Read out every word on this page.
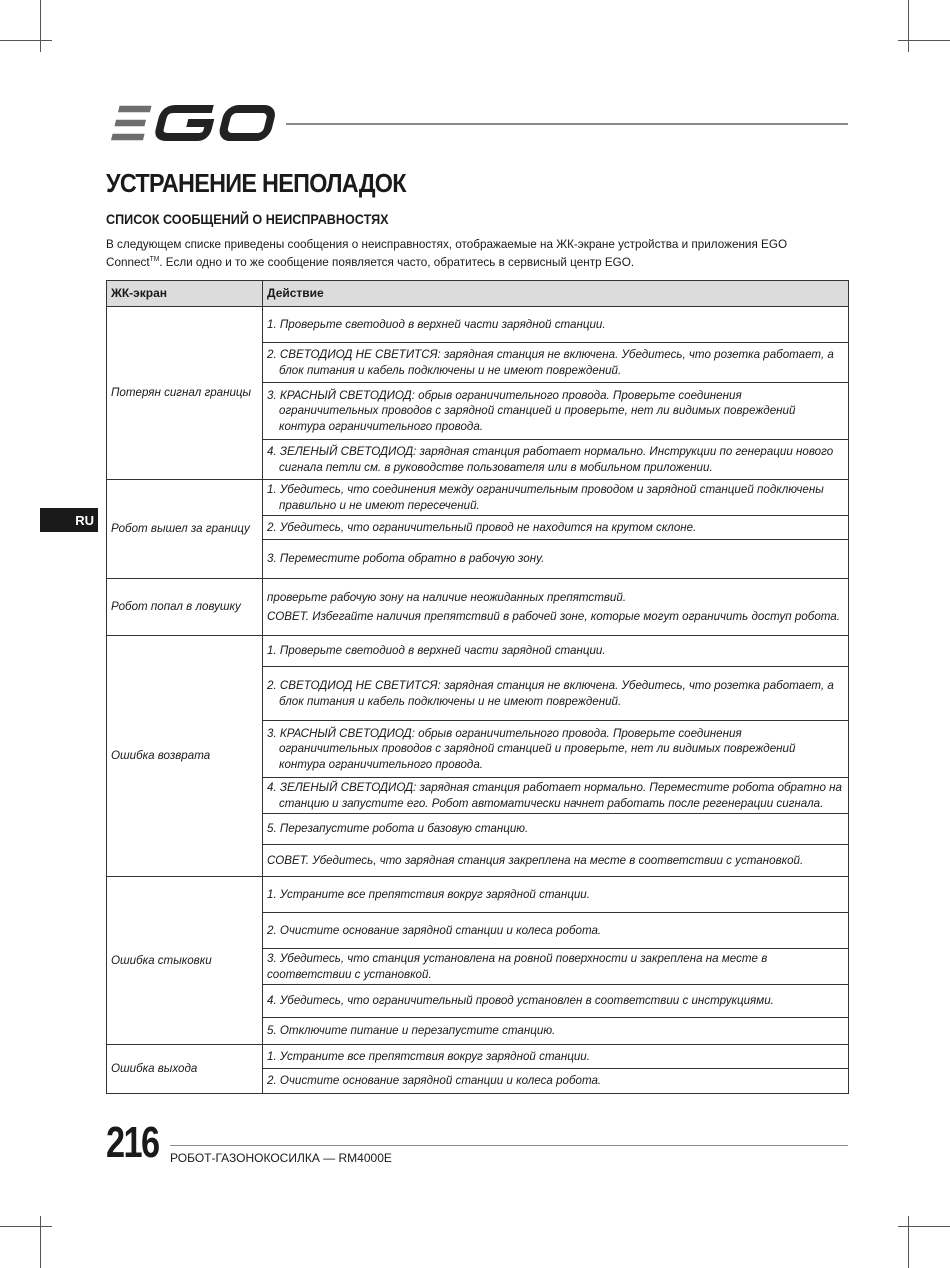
УСТРАНЕНИЕ НЕПОЛАДОК
СПИСОК СООБЩЕНИЙ О НЕИСПРАВНОСТЯХ

В следующем списке приведены сообщения о неисправностях, отображаемые на ЖК-экране устройства и приложения EGO Connect™. Если одно и то же сообщение появляется часто, обратитесь в сервисный центр EGO.

RU
ЖК-экран	Действие
Потерян сигнал границы	1. Проверьте светодиод в верхней части зарядной станции.

	2. СВЕТОДИОД НЕ СВЕТИТСЯ: зарядная станция не включена. Убедитесь, что розетка работает, а блок питания и кабель подключены и не имеют повреждений.

	3. КРАСНЫЙ СВЕТОДИОД: обрыв ограничительного провода. Проверьте соединения ограничительных проводов с зарядной станцией и проверьте, нет ли видимых повреждений контура ограничительного провода.

	4. ЗЕЛЕНЫЙ СВЕТОДИОД: зарядная станция работает нормально. Инструкции по генерации нового сигнала петли см. в руководстве пользователя или в мобильном приложении.

Робот вышел за границу	1. Убедитесь, что соединения между ограничительным проводом и зарядной станцией подключены правильно и не имеют пересечений.

	2. Убедитесь, что ограничительный провод не находится на крутом склоне.

	3. Переместите робота обратно в рабочую зону.

Робот попал в ловушку	проверьте рабочую зону на наличие неожиданных препятствий.
СОВЕТ. Избегайте наличия препятствий в рабочей зоне, которые могут ограничить доступ робота.

Ошибка возврата	1. Проверьте светодиод в верхней части зарядной станции.

	2. СВЕТОДИОД НЕ СВЕТИТСЯ: зарядная станция не включена. Убедитесь, что розетка работает, а блок питания и кабель подключены и не имеют повреждений.

	3. КРАСНЫЙ СВЕТОДИОД: обрыв ограничительного провода. Проверьте соединения ограничительных проводов с зарядной станцией и проверьте, нет ли видимых повреждений контура ограничительного провода.

	4. ЗЕЛЕНЫЙ СВЕТОДИОД: зарядная станция работает нормально. Переместите робота обратно на станцию и запустите его. Робот автоматически начнет работать после регенерации сигнала.

	5. Перезапустите робота и базовую станцию.

	СОВЕТ. Убедитесь, что зарядная станция закреплена на месте в соответствии с установкой.

Ошибка стыковки	1. Устраните все препятствия вокруг зарядной станции.

	2. Очистите основание зарядной станции и колеса робота.

	3. Убедитесь, что станция установлена на ровной поверхности и закреплена на месте в соответствии с установкой.

	4. Убедитесь, что ограничительный провод установлен в соответствии с инструкциями.

	5. Отключите питание и перезапустите станцию.

Ошибка выхода	1. Устраните все препятствия вокруг зарядной станции.

	2. Очистите основание зарядной станции и колеса робота.
216 РОБОТ-ГАЗОНОКОСИЛКА — RM4000E
